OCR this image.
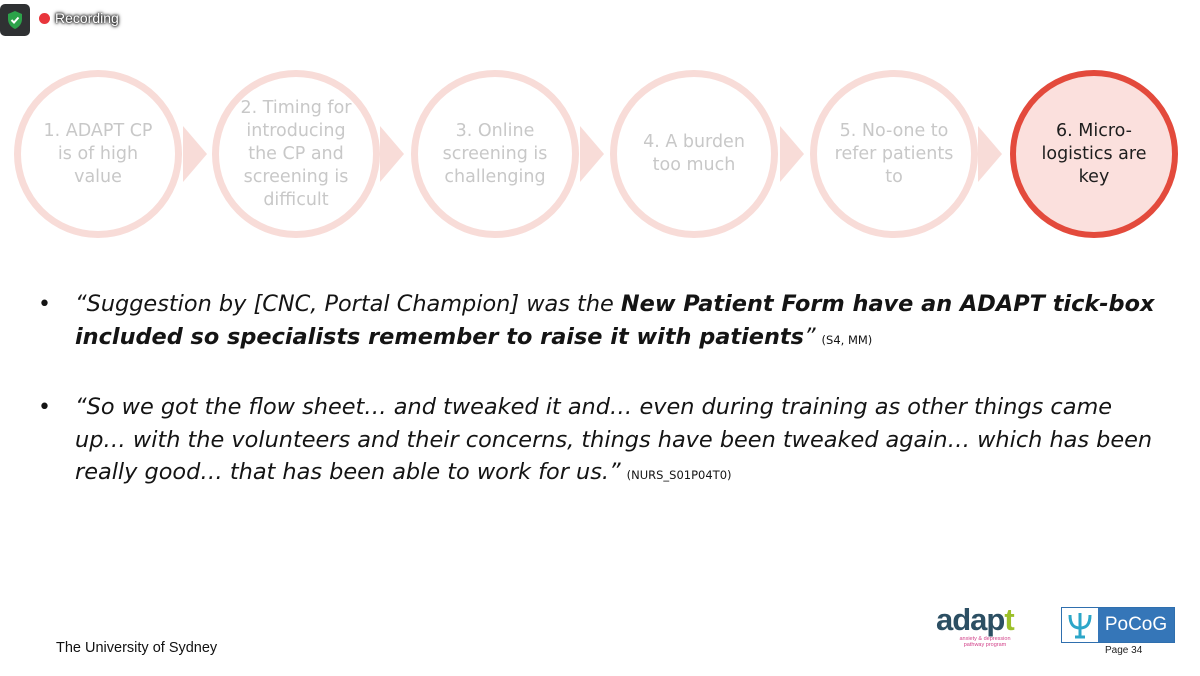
Recording
1. ADAPT CP is of high value
2. Timing for introducing the CP and screening is difficult
3. Online screening is challenging
4. A burden too much
5. No-one to refer patients to
6. Micro-logistics are key
•	“Suggestion by [CNC, Portal Champion] was the New Patient Form have an ADAPT tick-box included so specialists remember to raise it with patients” (S4, MM)
•	“So we got the flow sheet… and tweaked it and… even during training as other things came up… with the volunteers and their concerns, things have been tweaked again… which has been really good… that has been able to work for us.” (NURS_S01P04T0)
The University of Sydney
adapt
anxiety & depression pathway program
PoCoG
Page 34
